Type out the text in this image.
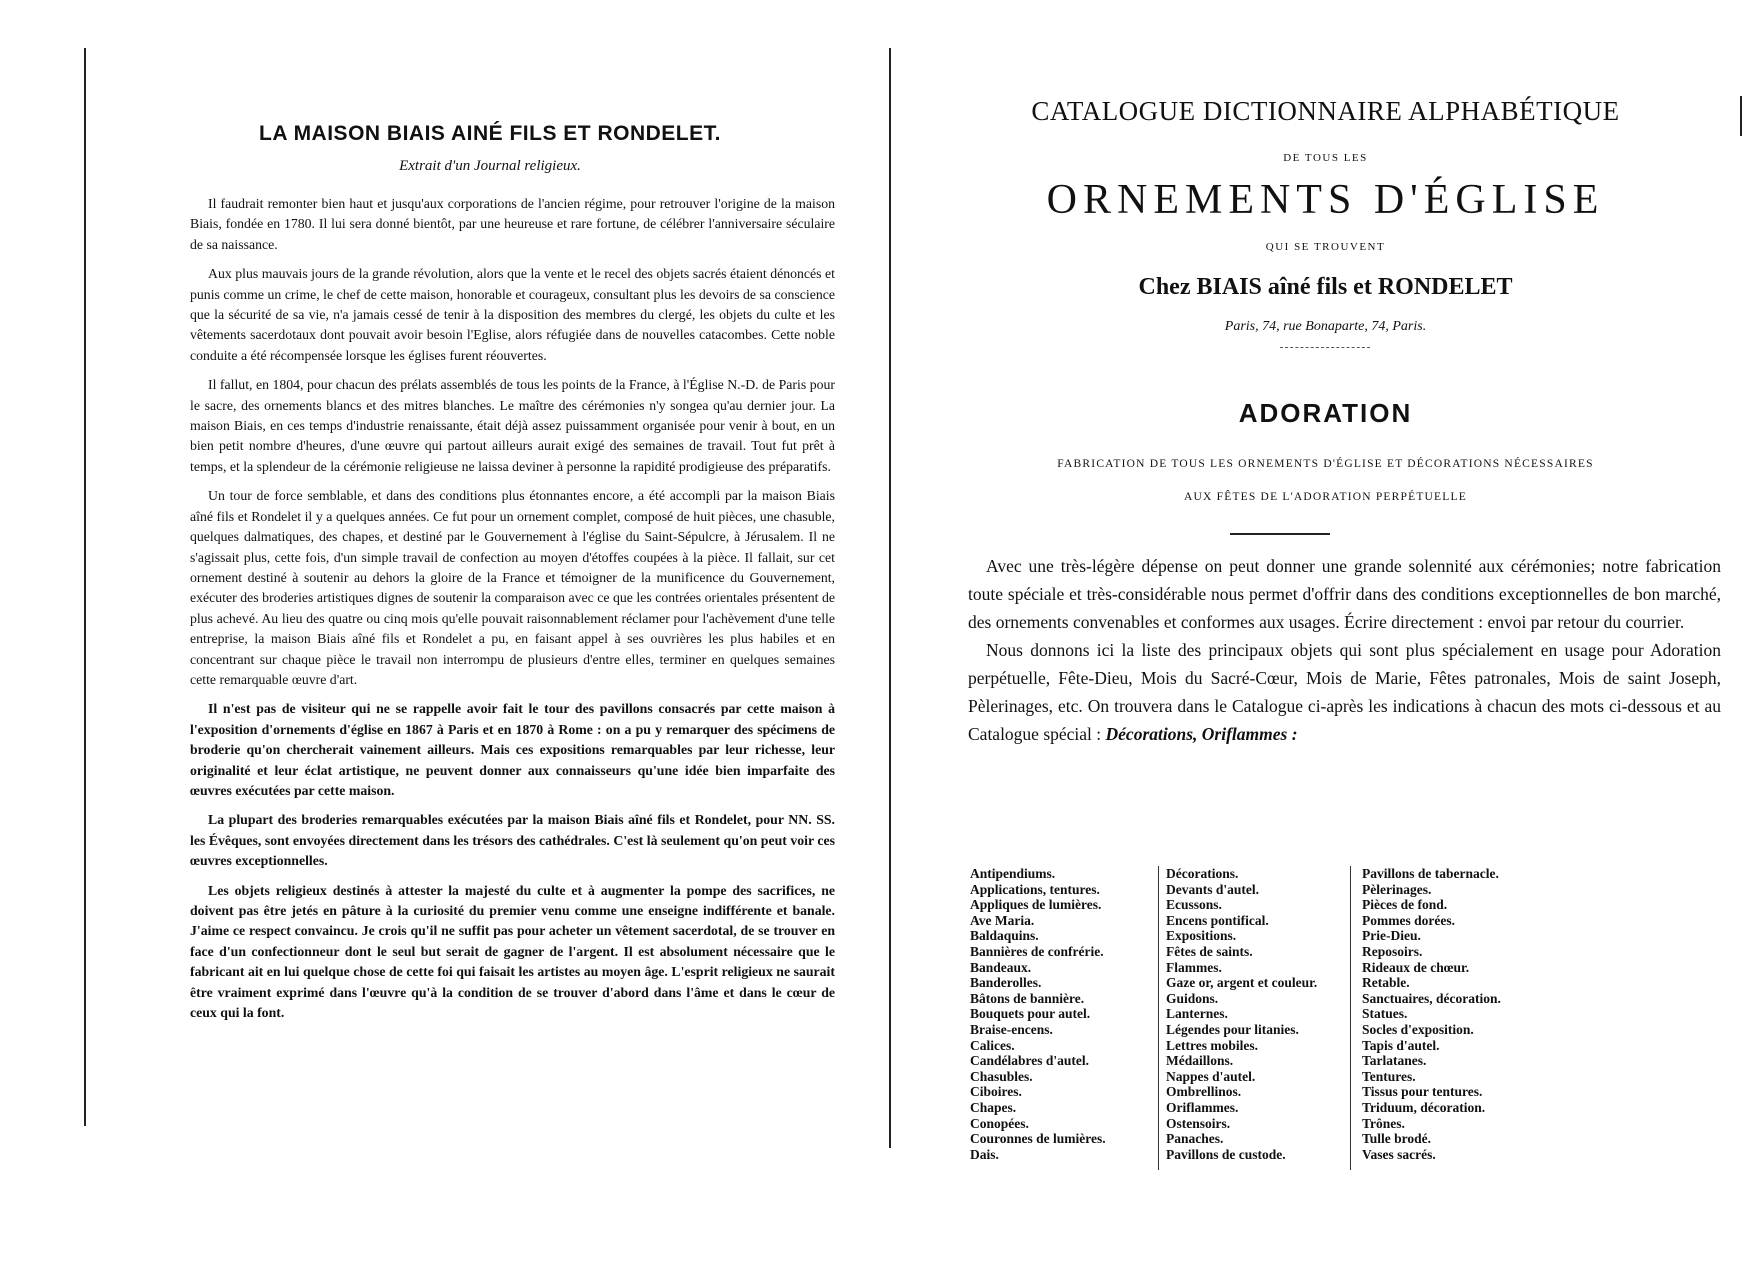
LA MAISON BIAIS AINÉ FILS ET RONDELET.

Extrait d'un Journal religieux.

Il faudrait remonter bien haut et jusqu'aux corporations de l'ancien régime, pour retrouver l'origine de la maison Biais, fondée en 1780. Il lui sera donné bientôt, par une heureuse et rare fortune, de célébrer l'anniversaire séculaire de sa naissance.

Aux plus mauvais jours de la grande révolution, alors que la vente et le recel des objets sacrés étaient dénoncés et punis comme un crime, le chef de cette maison, honorable et courageux, consultant plus les devoirs de sa conscience que la sécurité de sa vie, n'a jamais cessé de tenir à la disposition des membres du clergé, les objets du culte et les vêtements sacerdotaux dont pouvait avoir besoin l'Eglise, alors réfugiée dans de nouvelles catacombes. Cette noble conduite a été récompensée lorsque les églises furent réouvertes.

Il fallut, en 1804, pour chacun des prélats assemblés de tous les points de la France, à l'Église N.-D. de Paris pour le sacre, des ornements blancs et des mitres blanches. Le maître des cérémonies n'y songea qu'au dernier jour. La maison Biais, en ces temps d'industrie renaissante, était déjà assez puissamment organisée pour venir à bout, en un bien petit nombre d'heures, d'une œuvre qui partout ailleurs aurait exigé des semaines de travail. Tout fut prêt à temps, et la splendeur de la cérémonie religieuse ne laissa deviner à personne la rapidité prodigieuse des préparatifs.

Un tour de force semblable, et dans des conditions plus étonnantes encore, a été accompli par la maison Biais aîné fils et Rondelet il y a quelques années. Ce fut pour un ornement complet, composé de huit pièces, une chasuble, quelques dalmatiques, des chapes, et destiné par le Gouvernement à l'église du Saint-Sépulcre, à Jérusalem. Il ne s'agissait plus, cette fois, d'un simple travail de confection au moyen d'étoffes coupées à la pièce. Il fallait, sur cet ornement destiné à soutenir au dehors la gloire de la France et témoigner de la munificence du Gouvernement, exécuter des broderies artistiques dignes de soutenir la comparaison avec ce que les contrées orientales présentent de plus achevé. Au lieu des quatre ou cinq mois qu'elle pouvait raisonnablement réclamer pour l'achèvement d'une telle entreprise, la maison Biais aîné fils et Rondelet a pu, en faisant appel à ses ouvrières les plus habiles et en concentrant sur chaque pièce le travail non interrompu de plusieurs d'entre elles, terminer en quelques semaines cette remarquable œuvre d'art.

Il n'est pas de visiteur qui ne se rappelle avoir fait le tour des pavillons consacrés par cette maison à l'exposition d'ornements d'église en 1867 à Paris et en 1870 à Rome : on a pu y remarquer des spécimens de broderie qu'on chercherait vainement ailleurs. Mais ces expositions remarquables par leur richesse, leur originalité et leur éclat artistique, ne peuvent donner aux connaisseurs qu'une idée bien imparfaite des œuvres exécutées par cette maison.

La plupart des broderies remarquables exécutées par la maison Biais aîné fils et Rondelet, pour NN. SS. les Évêques, sont envoyées directement dans les trésors des cathédrales. C'est là seulement qu'on peut voir ces œuvres exceptionnelles.

Les objets religieux destinés à attester la majesté du culte et à augmenter la pompe des sacrifices, ne doivent pas être jetés en pâture à la curiosité du premier venu comme une enseigne indifférente et banale. J'aime ce respect convaincu. Je crois qu'il ne suffit pas pour acheter un vêtement sacerdotal, de se trouver en face d'un confectionneur dont le seul but serait de gagner de l'argent. Il est absolument nécessaire que le fabricant ait en lui quelque chose de cette foi qui faisait les artistes au moyen âge. L'esprit religieux ne saurait être vraiment exprimé dans l'œuvre qu'à la condition de se trouver d'abord dans l'âme et dans le cœur de ceux qui la font.

CATALOGUE DICTIONNAIRE ALPHABÉTIQUE

DE TOUS LES

ORNEMENTS D'ÉGLISE

QUI SE TROUVENT

Chez BIAIS aîné fils et RONDELET

Paris, 74, rue Bonaparte, 74, Paris.

ADORATION

FABRICATION DE TOUS LES ORNEMENTS D'ÉGLISE ET DÉCORATIONS NÉCESSAIRES
AUX FÊTES DE L'ADORATION PERPÉTUELLE

Avec une très-légère dépense on peut donner une grande solennité aux cérémonies; notre fabrication toute spéciale et très-considérable nous permet d'offrir dans des conditions exceptionnelles de bon marché, des ornements convenables et conformes aux usages. Écrire directement : envoi par retour du courrier.

Nous donnons ici la liste des principaux objets qui sont plus spécialement en usage pour Adoration perpétuelle, Fête-Dieu, Mois du Sacré-Cœur, Mois de Marie, Fêtes patronales, Mois de saint Joseph, Pèlerinages, etc. On trouvera dans le Catalogue ci-après les indications à chacun des mots ci-dessous et au Catalogue spécial : Décorations, Oriflammes :

Antipendiums.
Applications, tentures.
Appliques de lumières.
Ave Maria.
Baldaquins.
Bannières de confrérie.
Bandeaux.
Banderolles.
Bâtons de bannière.
Bouquets pour autel.
Braise-encens.
Calices.
Candélabres d'autel.
Chasubles.
Ciboires.
Chapes.
Conopées.
Couronnes de lumières.
Dais.
Décorations.
Devants d'autel.
Ecussons.
Encens pontifical.
Expositions.
Fêtes de saints.
Flammes.
Gaze or, argent et couleur.
Guidons.
Lanternes.
Légendes pour litanies.
Lettres mobiles.
Médaillons.
Nappes d'autel.
Ombrellinos.
Oriflammes.
Ostensoirs.
Panaches.
Pavillons de custode.
Pavillons de tabernacle.
Pèlerinages.
Pièces de fond.
Pommes dorées.
Prie-Dieu.
Reposoirs.
Rideaux de chœur.
Retable.
Sanctuaires, décoration.
Statues.
Socles d'exposition.
Tapis d'autel.
Tarlatanes.
Tentures.
Tissus pour tentures.
Triduum, décoration.
Trônes.
Tulle brodé.
Vases sacrés.
